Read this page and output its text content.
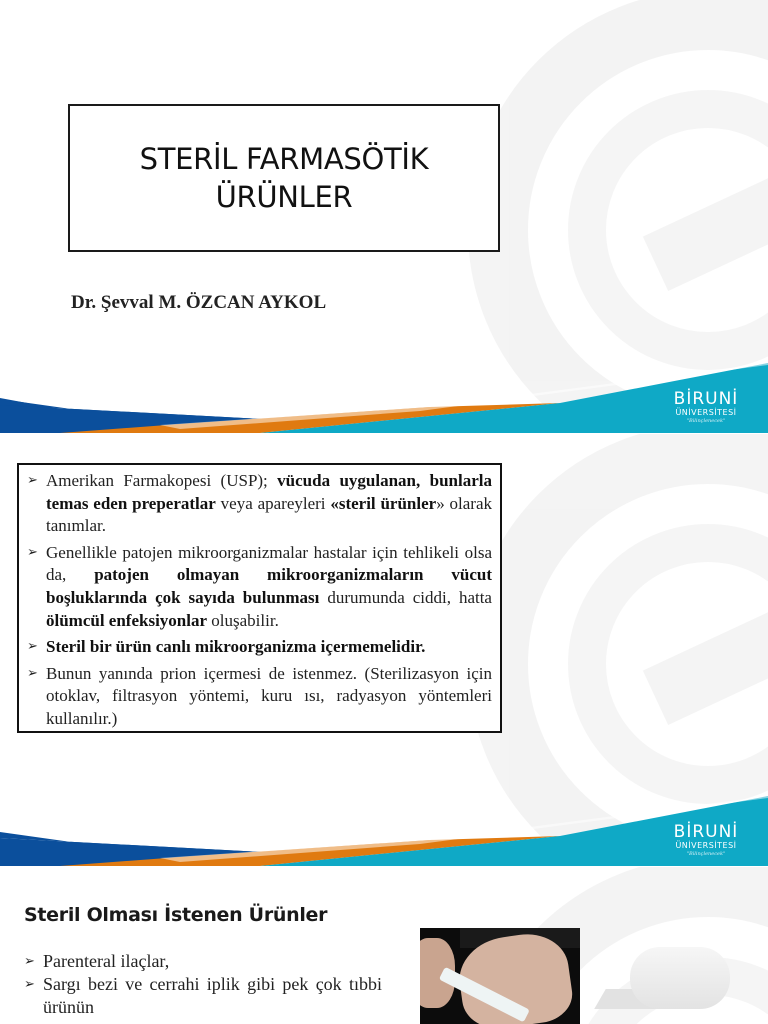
STERİL FARMASÖTİK
ÜRÜNLER
Dr. Şevval M. ÖZCAN AYKOL
BİRUNİ
ÜNİVERSİTESİ
"Bilinçlenecek"
➢ Amerikan Farmakopesi (USP); vücuda uygulanan, bunlarla temas eden preperatlar veya apareyleri «steril ürünler» olarak tanımlar.
➢ Genellikle patojen mikroorganizmalar hastalar için tehlikeli olsa da, patojen olmayan mikroorganizmaların vücut boşluklarında çok sayıda bulunması durumunda ciddi, hatta ölümcül enfeksiyonlar oluşabilir.
➢ Steril bir ürün canlı mikroorganizma içermemelidir.
➢ Bunun yanında prion içermesi de istenmez. (Sterilizasyon için otoklav, filtrasyon yöntemi, kuru ısı, radyasyon yöntemleri kullanılır.)
BİRUNİ
ÜNİVERSİTESİ
"Bilinçlenecek"
Steril Olması İstenen Ürünler
➢ Parenteral ilaçlar,
➢ Sargı bezi ve cerrahi iplik gibi pek çok tıbbi ürünün
